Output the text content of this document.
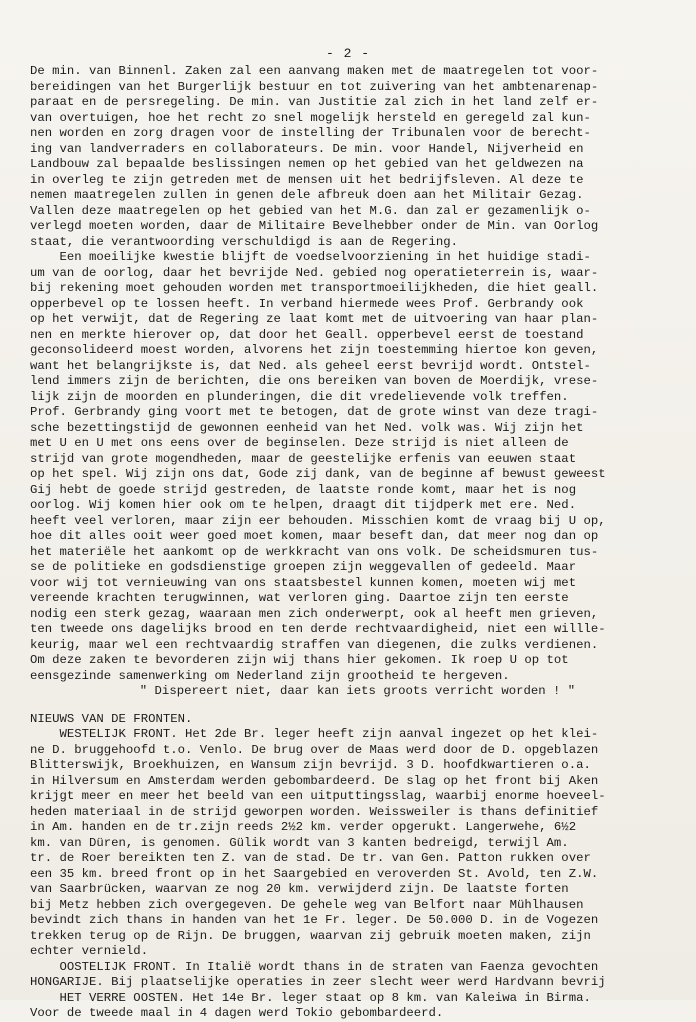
- 2 -
De min. van Binnenl. Zaken zal een aanvang maken met de maatregelen tot voor-
bereidingen van het Burgerlijk bestuur en tot zuivering van het ambtenarenap-
paraat en de persregeling. De min. van Justitie zal zich in het land zelf er-
van overtuigen, hoe het recht zo snel mogelijk hersteld en geregeld zal kun-
nen worden en zorg dragen voor de instelling der Tribunalen voor de berecht-
ing van landverraders en collaborateurs. De min. voor Handel, Nijverheid en
Landbouw zal bepaalde beslissingen nemen op het gebied van het geldwezen na
in overleg te zijn getreden met de mensen uit het bedrijfsleven. Al deze te
nemen maatregelen zullen in genen dele afbreuk doen aan het Militair Gezag.
Vallen deze maatregelen op het gebied van het M.G. dan zal er gezamenlijk o-
verlegd moeten worden, daar de Militaire Bevelhebber onder de Min. van Oorlog
staat, die verantwoording verschuldigd is aan de Regering.
Een moeilijke kwestie blijft de voedselvoorziening in het huidige stadi-
um van de oorlog, daar het bevrijde Ned. gebied nog operatieterrein is, waar-
bij rekening moet gehouden worden met transportmoeilijkheden, die hiet geall.
opperbevel op te lossen heeft. In verband hiermede wees Prof. Gerbrandy ook
op het verwijt, dat de Regering ze laat komt met de uitvoering van haar plan-
nen en merkte hierover op, dat door het Geall. opperbevel eerst de toestand
geconsolideerd moest worden, alvorens het zijn toestemming hiertoe kon geven,
want het belangrijkste is, dat Ned. als geheel eerst bevrijd wordt. Ontstel-
lend immers zijn de berichten, die ons bereiken van boven de Moerdijk, vrese-
lijk zijn de moorden en plunderingen, die dit vredelievende volk treffen.
Prof. Gerbrandy ging voort met te betogen, dat de grote winst van deze tragi-
sche bezettingstijd de gewonnen eenheid van het Ned. volk was. Wij zijn het
met U en U met ons eens over de beginselen. Deze strijd is niet alleen de
strijd van grote mogendheden, maar de geestelijke erfenis van eeuwen staat
op het spel. Wij zijn ons dat, Gode zij dank, van de beginne af bewust geweest
Gij hebt de goede strijd gestreden, de laatste ronde komt, maar het is nog
oorlog. Wij komen hier ook om te helpen, draagt dit tijdperk met ere. Ned.
heeft veel verloren, maar zijn eer behouden. Misschien komt de vraag bij U op,
hoe dit alles ooit weer goed moet komen, maar beseft dan, dat meer nog dan op
het materiële het aankomt op de werkkracht van ons volk. De scheidsmuren tus-
se de politieke en godsdienstige groepen zijn weggevallen of gedeeld. Maar
voor wij tot vernieuwing van ons staatsbestel kunnen komen, moeten wij met
vereende krachten terugwinnen, wat verloren ging. Daartoe zijn ten eerste
nodig een sterk gezag, waaraan men zich onderwerpt, ook al heeft men grieven,
ten tweede ons dagelijks brood en ten derde rechtvaardigheid, niet een willle-
keurig, maar wel een rechtvaardig straffen van diegenen, die zulks verdienen.
Om deze zaken te bevorderen zijn wij thans hier gekomen. Ik roep U op tot
eensgezinde samenwerking om Nederland zijn grootheid te hergeven.
" Dispereert niet, daar kan iets groots verricht worden ! "
NIEUWS VAN DE FRONTEN.
WESTELIJK FRONT. Het 2de Br. leger heeft zijn aanval ingezet op het klei-
ne D. bruggehoofd t.o. Venlo. De brug over de Maas werd door de D. opgeblazen
Blitterswijk, Broekhuizen, en Wansum zijn bevrijd. 3 D. hoofdkwartieren o.a.
in Hilversum en Amsterdam werden gebombardeerd. De slag op het front bij Aken
krijgt meer en meer het beeld van een uitputtingsslag, waarbij enorme hoeveel-
heden materiaal in de strijd geworpen worden. Weissweiler is thans definitief
in Am. handen en de tr.zijn reeds 2½2 km. verder opgerukt. Langerwehe, 6½2
km. van Düren, is genomen. Gülik wordt van 3 kanten bedreigd, terwijl Am.
tr. de Roer bereikten ten Z. van de stad. De tr. van Gen. Patton rukken over
een 35 km. breed front op in het Saargebied en veroverden St. Avold, ten Z.W.
van Saarbrücken, waarvan ze nog 20 km. verwijderd zijn. De laatste forten
bij Metz hebben zich overgegeven. De gehele weg van Belfort naar Mühlhausen
bevindt zich thans in handen van het 1e Fr. leger. De 50.000 D. in de Vogezen
trekken terug op de Rijn. De bruggen, waarvan zij gebruik moeten maken, zijn
echter vernield.
OOSTELIJK FRONT. In Italië wordt thans in de straten van Faenza gevochten
HONGARIJE. Bij plaatselijke operaties in zeer slecht weer werd Hardvann bevrij
HET VERRE OOSTEN. Het 14e Br. leger staat op 8 km. van Kaleiwa in Birma.
Voor de tweede maal in 4 dagen werd Tokio gebombardeerd.
